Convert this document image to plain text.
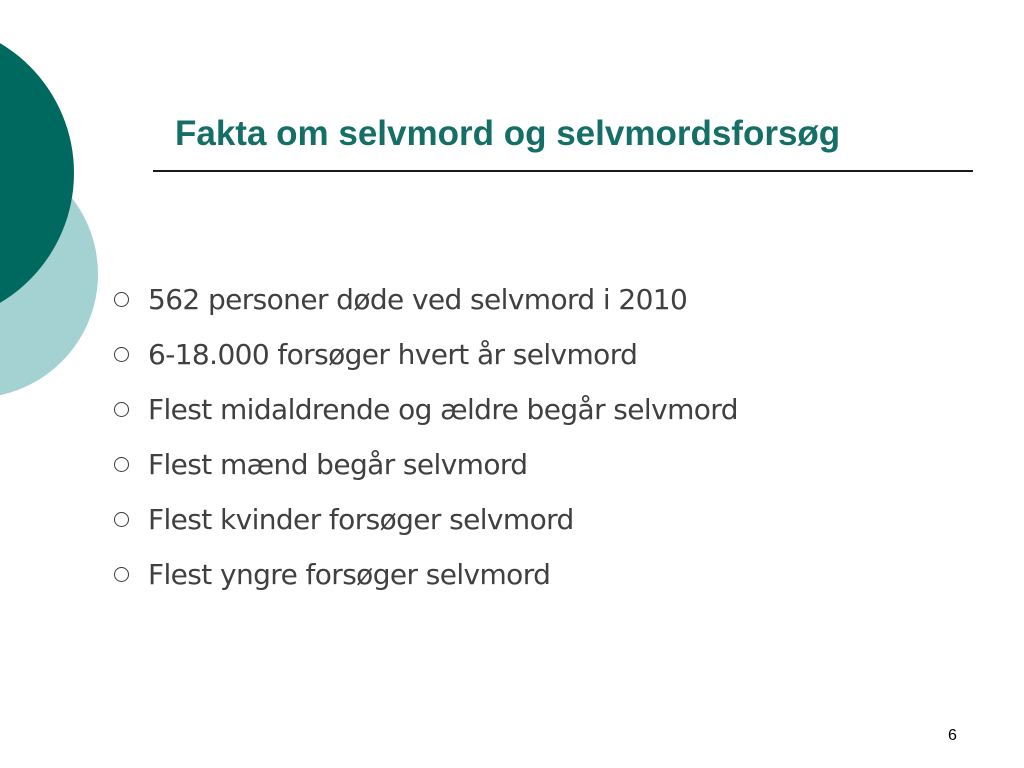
Fakta om selvmord og selvmordsforsøg
562 personer døde ved selvmord i 2010
6-18.000 forsøger hvert år selvmord
Flest midaldrende og ældre begår selvmord
Flest mænd begår selvmord
Flest kvinder forsøger selvmord
Flest yngre forsøger selvmord
6
